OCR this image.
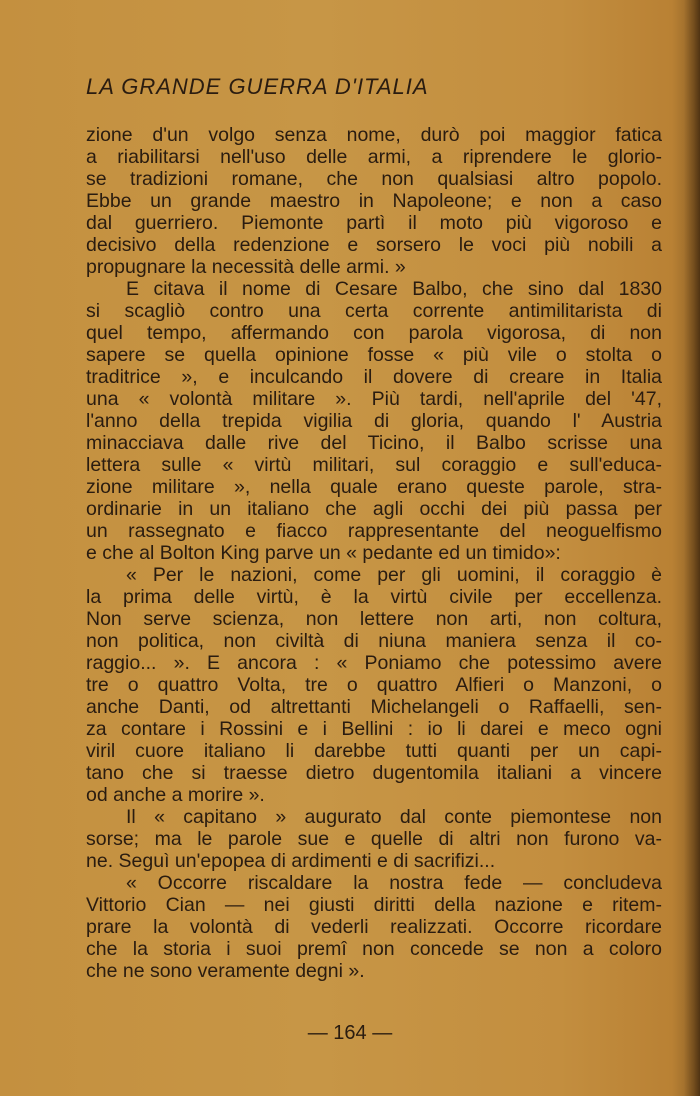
LA GRANDE GUERRA D'ITALIA
zione d'un volgo senza nome, durò poi maggior fatica
a riabilitarsi nell'uso delle armi, a riprendere le glorio-
se tradizioni romane, che non qualsiasi altro popolo.
Ebbe un grande maestro in Napoleone; e non a caso
dal guerriero. Piemonte partì il moto più vigoroso e
decisivo della redenzione e sorsero le voci più nobili a
propugnare la necessità delle armi. »
E citava il nome di Cesare Balbo, che sino dal 1830
si scagliò contro una certa corrente antimilitarista di
quel tempo, affermando con parola vigorosa, di non
sapere se quella opinione fosse « più vile o stolta o
traditrice », e inculcando il dovere di creare in Italia
una « volontà militare ». Più tardi, nell'aprile del '47,
l'anno della trepida vigilia di gloria, quando l' Austria
minacciava dalle rive del Ticino, il Balbo scrisse una
lettera sulle « virtù militari, sul coraggio e sull'educa-
zione militare », nella quale erano queste parole, stra-
ordinarie in un italiano che agli occhi dei più passa per
un rassegnato e fiacco rappresentante del neoguelfismo
e che al Bolton King parve un « pedante ed un timido»:
« Per le nazioni, come per gli uomini, il coraggio è
la prima delle virtù, è la virtù civile per eccellenza.
Non serve scienza, non lettere non arti, non coltura,
non politica, non civiltà di niuna maniera senza il co-
raggio... ». E ancora : « Poniamo che potessimo avere
tre o quattro Volta, tre o quattro Alfieri o Manzoni, o
anche Danti, od altrettanti Michelangeli o Raffaelli, sen-
za contare i Rossini e i Bellini : io li darei e meco ogni
viril cuore italiano li darebbe tutti quanti per un capi-
tano che si traesse dietro dugentomila italiani a vincere
od anche a morire ».
Il « capitano » augurato dal conte piemontese non
sorse; ma le parole sue e quelle di altri non furono va-
ne. Seguì un'epopea di ardimenti e di sacrifizi...
« Occorre riscaldare la nostra fede — concludeva
Vittorio Cian — nei giusti diritti della nazione e ritem-
prare la volontà di vederli realizzati. Occorre ricordare
che la storia i suoi premî non concede se non a coloro
che ne sono veramente degni ».
— 164 —
